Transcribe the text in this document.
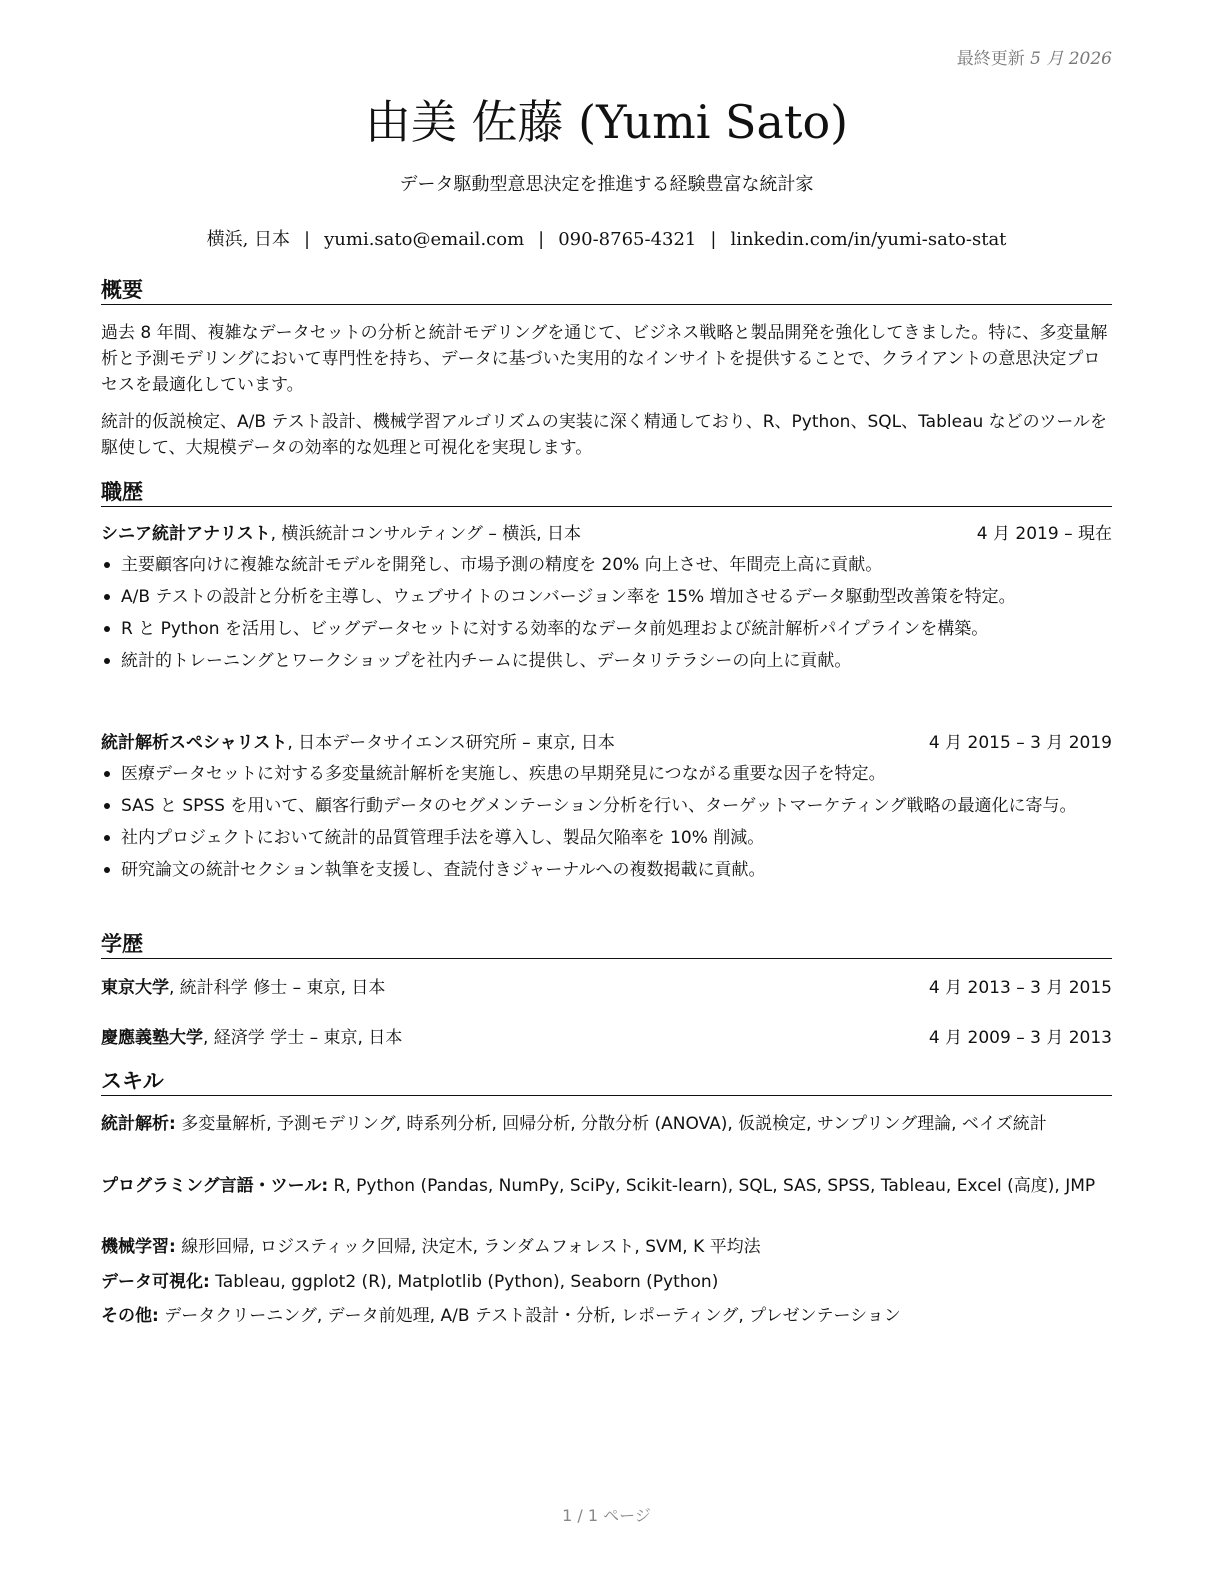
最終更新 5 月 2026
由美 佐藤 (Yumi Sato)
データ駆動型意思決定を推進する経験豊富な統計家
横浜, 日本 | yumi.sato@email.com | 090-8765-4321 | linkedin.com/in/yumi-sato-stat
概要

過去 8 年間、複雑なデータセットの分析と統計モデリングを通じて、ビジネス戦略と製品開発を強化してきました。特に、多変量解析と予測モデリングにおいて専門性を持ち、データに基づいた実用的なインサイトを提供することで、クライアントの意思決定プロセスを最適化しています。

統計的仮説検定、A/B テスト設計、機械学習アルゴリズムの実装に深く精通しており、R、Python、SQL、Tableau などのツールを駆使して、大規模データの効率的な処理と可視化を実現します。

職歴
シニア統計アナリスト, 横浜統計コンサルティング – 横浜, 日本	4 月 2019 – 現在
主要顧客向けに複雑な統計モデルを開発し、市場予測の精度を 20% 向上させ、年間売上高に貢献。
A/B テストの設計と分析を主導し、ウェブサイトのコンバージョン率を 15% 増加させるデータ駆動型改善策を特定。
R と Python を活用し、ビッグデータセットに対する効率的なデータ前処理および統計解析パイプラインを構築。
統計的トレーニングとワークショップを社内チームに提供し、データリテラシーの向上に貢献。
統計解析スペシャリスト, 日本データサイエンス研究所 – 東京, 日本	4 月 2015 – 3 月 2019
医療データセットに対する多変量統計解析を実施し、疾患の早期発見につながる重要な因子を特定。
SAS と SPSS を用いて、顧客行動データのセグメンテーション分析を行い、ターゲットマーケティング戦略の最適化に寄与。
社内プロジェクトにおいて統計的品質管理手法を導入し、製品欠陥率を 10% 削減。
研究論文の統計セクション執筆を支援し、査読付きジャーナルへの複数掲載に貢献。
学歴
東京大学, 統計科学 修士 – 東京, 日本	4 月 2013 – 3 月 2015
慶應義塾大学, 経済学 学士 – 東京, 日本	4 月 2009 – 3 月 2013
スキル

統計解析: 多変量解析, 予測モデリング, 時系列分析, 回帰分析, 分散分析 (ANOVA), 仮説検定, サンプリング理論, ベイズ統計

プログラミング言語・ツール: R, Python (Pandas, NumPy, SciPy, Scikit-learn), SQL, SAS, SPSS, Tableau, Excel (高度), JMP

機械学習: 線形回帰, ロジスティック回帰, 決定木, ランダムフォレスト, SVM, K 平均法

データ可視化: Tableau, ggplot2 (R), Matplotlib (Python), Seaborn (Python)

その他: データクリーニング, データ前処理, A/B テスト設計・分析, レポーティング, プレゼンテーション

1 / 1 ページ
